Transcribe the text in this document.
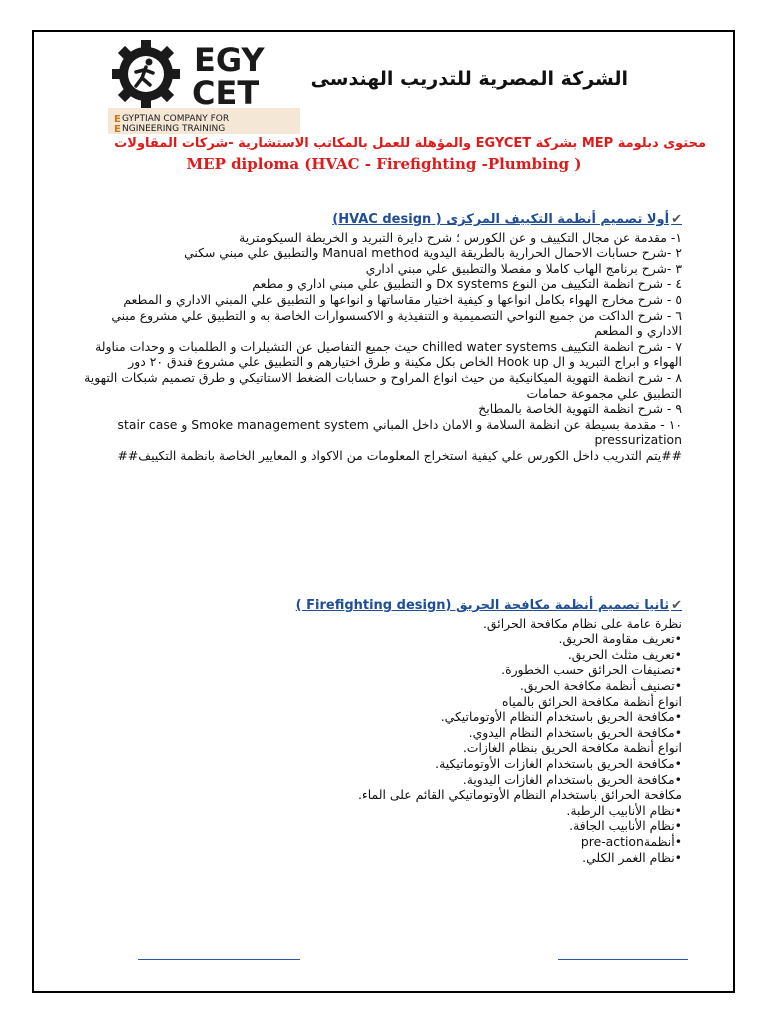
EGY
CET
E GYPTIAN COMPANY FOR
E NGINEERING TRAINING
الشركة المصرية للتدريب الهندسى
محتوى دبلومة MEP بشركة EGYCET والمؤهلة للعمل بالمكاتب الاستشارية -شركات المقاولات
MEP diploma (HVAC - Firefighting -Plumbing )
✔أولا تصميم أنظمة التكييف المركزى ( HVAC design)

١- مقدمة عن مجال التكييف و عن الكورس ؛ شرح دايرة التبريد و الخريطة السيكومترية

٢ -شرح حسابات الاحمال الحرارية بالطريقة اليدوية Manual method والتطبيق علي مبني سكني

٣ -شرح برنامج الهاب كاملا و مفصلا والتطبيق علي مبني اداري

٤ - شرح انظمة التكييف من النوع Dx systems و التطبيق علي مبني اداري و مطعم

٥ - شرح مخارج الهواء بكامل انواعها و كيفية اختيار مقاساتها و انواعها و التطبيق علي المبني الاداري و المطعم

٦ - شرح الداكت من جميع النواحي التصميمية و التنفيذية و الاكسسوارات الخاصة به و التطبيق علي مشروع مبني الاداري و المطعم

٧ - شرح انظمة التكييف chilled water systems حيث جميع التفاصيل عن التشيلرات و الطلمبات و وحدات مناولة الهواء و ابراج التبريد و ال Hook up الخاص بكل مكينة و طرق اختيارهم و التطبيق علي مشروع فندق ٢٠ دور

٨ - شرح انظمة التهوية الميكانيكية من حيث انواع المراوح و حسابات الضغط الاستاتيكي و طرق تصميم شبكات التهوية التطبيق علي مجموعة حمامات

٩ - شرح انظمة التهوية الخاصة بالمطابخ

١٠ - مقدمة بسيطة عن انظمة السلامة و الامان داخل المباني Smoke management system و stair case pressurization

##يتم التدريب داخل الكورس علي كيفية استخراج المعلومات من الاكواد و المعايير الخاصة بانظمة التكييف##

✔ثانيا تصميم أنظمة مكافحة الحريق (Firefighting design )

نظرة عامة على نظام مكافحة الحرائق.

•تعريف مقاومة الحريق.

•تعريف مثلث الحريق.

•تصنيفات الحرائق حسب الخطورة.

•تصنيف أنظمة مكافحة الحريق.

انواع أنظمة مكافحة الحرائق بالمياه

•مكافحة الحريق باستخدام النظام الأوتوماتيكي.

•مكافحة الحريق باستخدام النظام اليدوي.

انواع أنظمة مكافحة الحريق بنظام الغازات.

•مكافحة الحريق باستخدام الغازات الأوتوماتيكية.

•مكافحة الحريق باستخدام الغازات اليدوية.

مكافحة الحرائق باستخدام النظام الأوتوماتيكي القائم على الماء.

•نظام الأنابيب الرطبة.

•نظام الأنابيب الجافة.

•أنظمةpre-action

•نظام الغمر الكلي.
